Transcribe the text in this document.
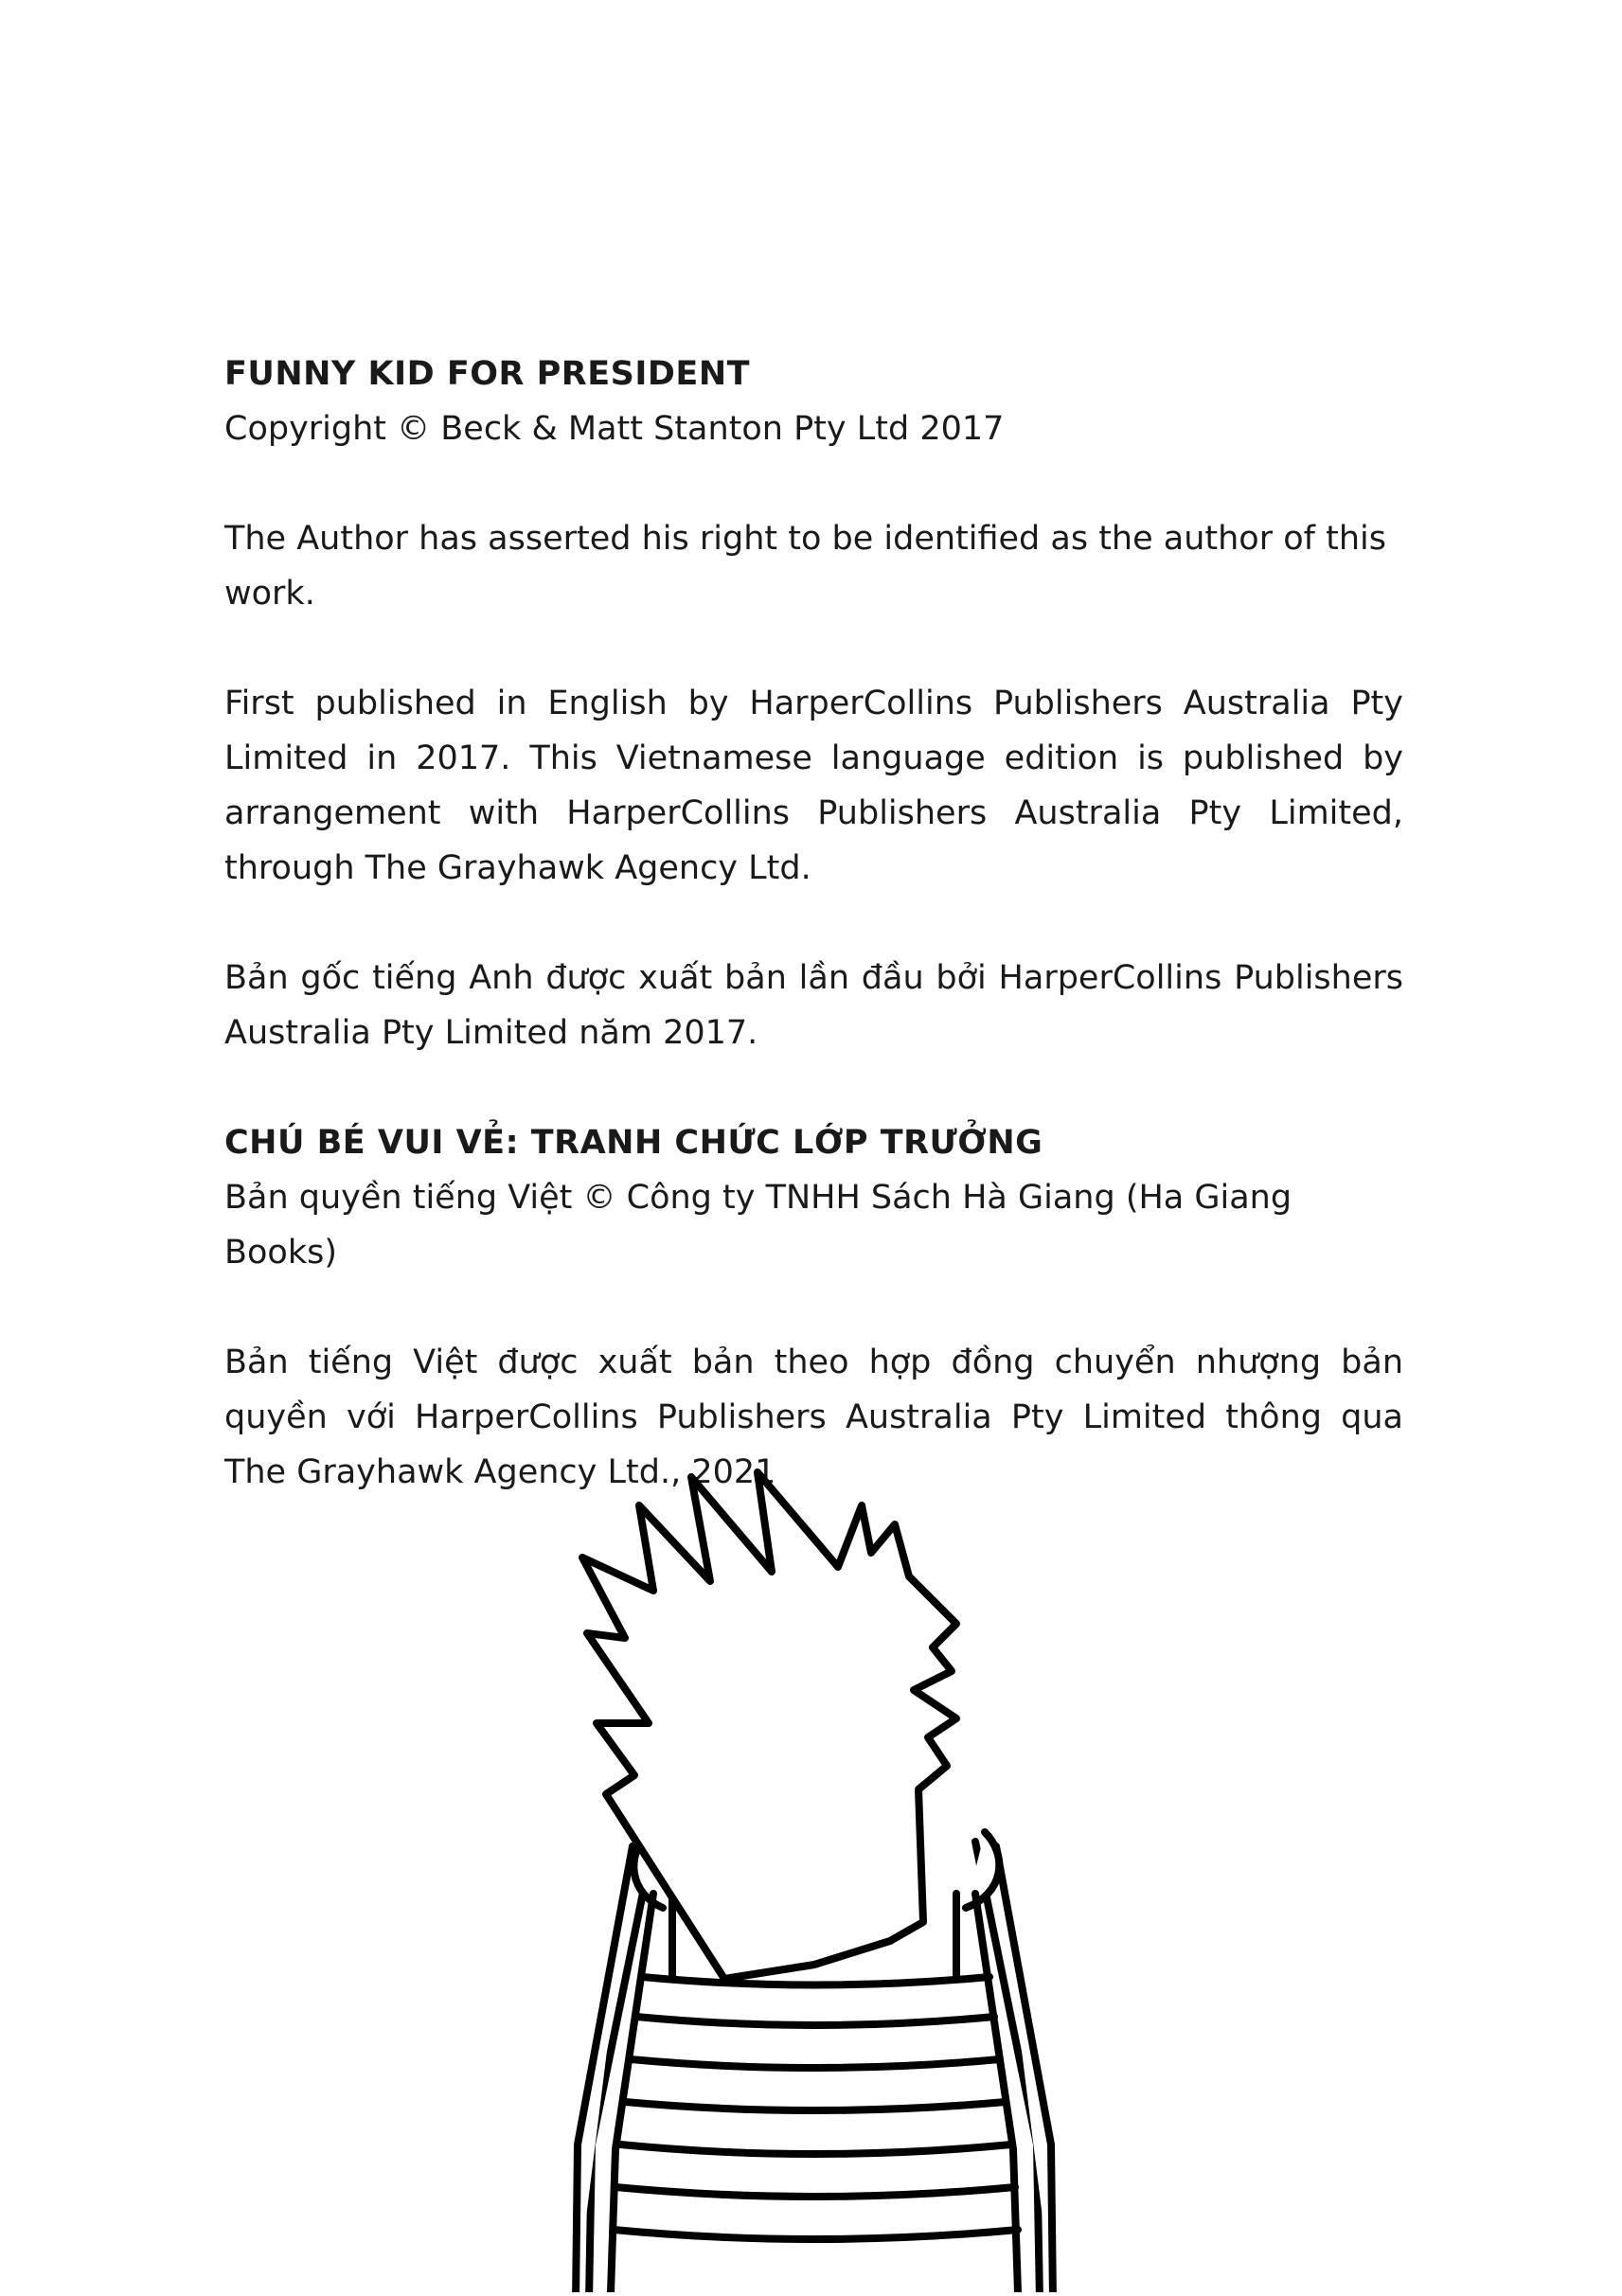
FUNNY KID FOR PRESIDENT

Copyright © Beck & Matt Stanton Pty Ltd 2017

The Author has asserted his right to be identified as the author of this work.

First published in English by HarperCollins Publishers Australia Pty Limited in 2017. This Vietnamese language edition is published by arrangement with HarperCollins Publishers Australia Pty Limited, through The Grayhawk Agency Ltd.

Bản gốc tiếng Anh được xuất bản lần đầu bởi HarperCollins Publishers Australia Pty Limited năm 2017.

CHÚ BÉ VUI VẺ: TRANH CHỨC LỚP TRƯỞNG

Bản quyền tiếng Việt © Công ty TNHH Sách Hà Giang (Ha Giang Books)

Bản tiếng Việt được xuất bản theo hợp đồng chuyển nhượng bản quyền với HarperCollins Publishers Australia Pty Limited thông qua The Grayhawk Agency Ltd., 2021
